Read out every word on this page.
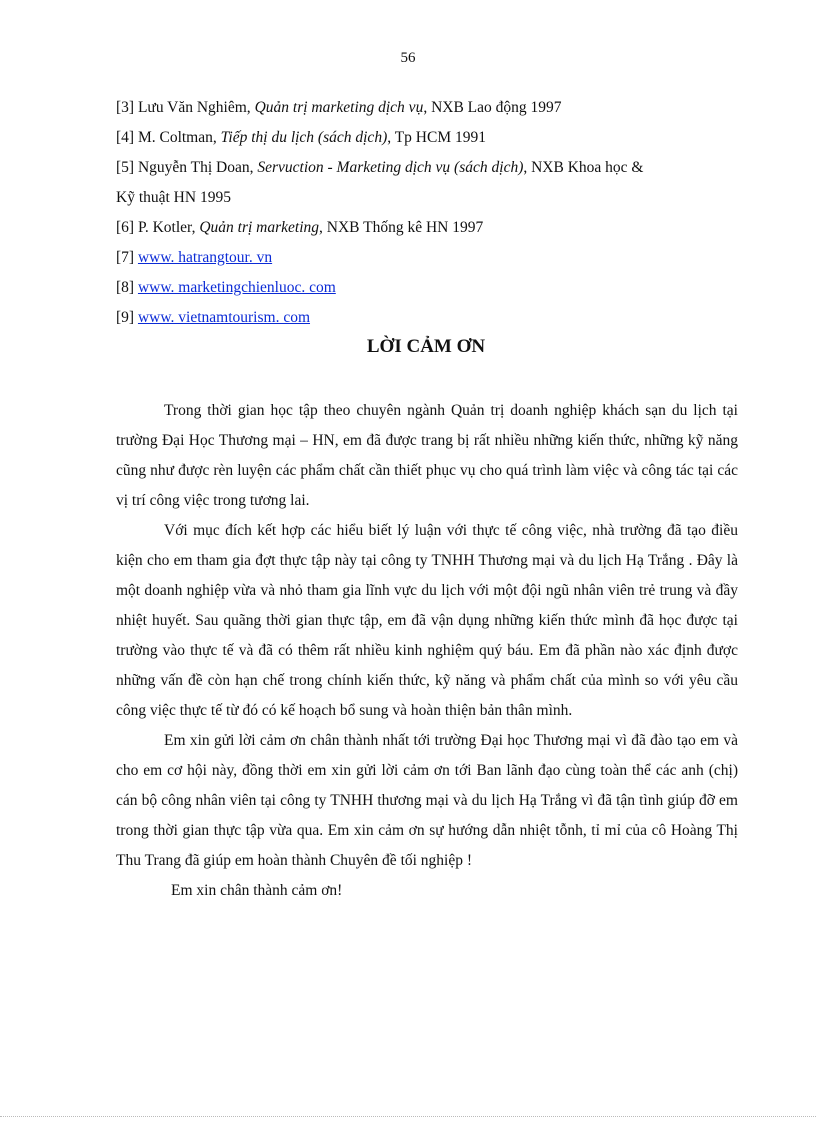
56
[3] Lưu Văn Nghiêm, Quản trị marketing dịch vụ, NXB Lao động 1997
[4] M. Coltman, Tiếp thị du lịch (sách dịch), Tp HCM 1991
[5] Nguyễn Thị Doan, Servuction - Marketing dịch vụ (sách dịch), NXB Khoa học &
Kỹ thuật HN 1995
[6] P. Kotler, Quản trị marketing, NXB Thống kê HN 1997
[7] www. hatrangtour. vn
[8] www. marketingchienluoc. com
[9] www. vietnamtourism. com
LỜI CẢM ƠN

Trong thời gian học tập theo chuyên ngành Quản trị doanh nghiệp khách sạn du lịch tại trường Đại Học Thương mại – HN, em đã được trang bị rất nhiều những kiến thức, những kỹ năng cũng như được rèn luyện các phẩm chất cần thiết phục vụ cho quá trình làm việc và công tác tại các vị trí công việc trong tương lai.

Với mục đích kết hợp các hiểu biết lý luận với thực tế công việc, nhà trường đã tạo điều kiện cho em tham gia đợt thực tập này tại công ty TNHH Thương mại và du lịch Hạ Trắng . Đây là một doanh nghiệp vừa và nhỏ tham gia lĩnh vực du lịch với một đội ngũ nhân viên trẻ trung và đầy nhiệt huyết. Sau quãng thời gian thực tập, em đã vận dụng những kiến thức mình đã học được tại trường vào thực tế và đã có thêm rất nhiều kinh nghiệm quý báu. Em đã phần nào xác định được những vấn đề còn hạn chế trong chính kiến thức, kỹ năng và phẩm chất của mình so với yêu cầu công việc thực tế từ đó có kế hoạch bổ sung và hoàn thiện bản thân mình.

Em xin gửi lời cảm ơn chân thành nhất tới trường Đại học Thương mại vì đã đào tạo em và cho em cơ hội này, đồng thời em xin gửi lời cảm ơn tới Ban lãnh đạo cùng toàn thể các anh (chị) cán bộ công nhân viên tại công ty TNHH thương mại và du lịch Hạ Trắng vì đã tận tình giúp đỡ em trong thời gian thực tập vừa qua. Em xin cảm ơn sự hướng dẫn nhiệt tỗnh, tỉ mỉ của cô Hoàng Thị Thu Trang đã giúp em hoàn thành Chuyên đề tối nghiệp !

Em xin chân thành cảm ơn!
